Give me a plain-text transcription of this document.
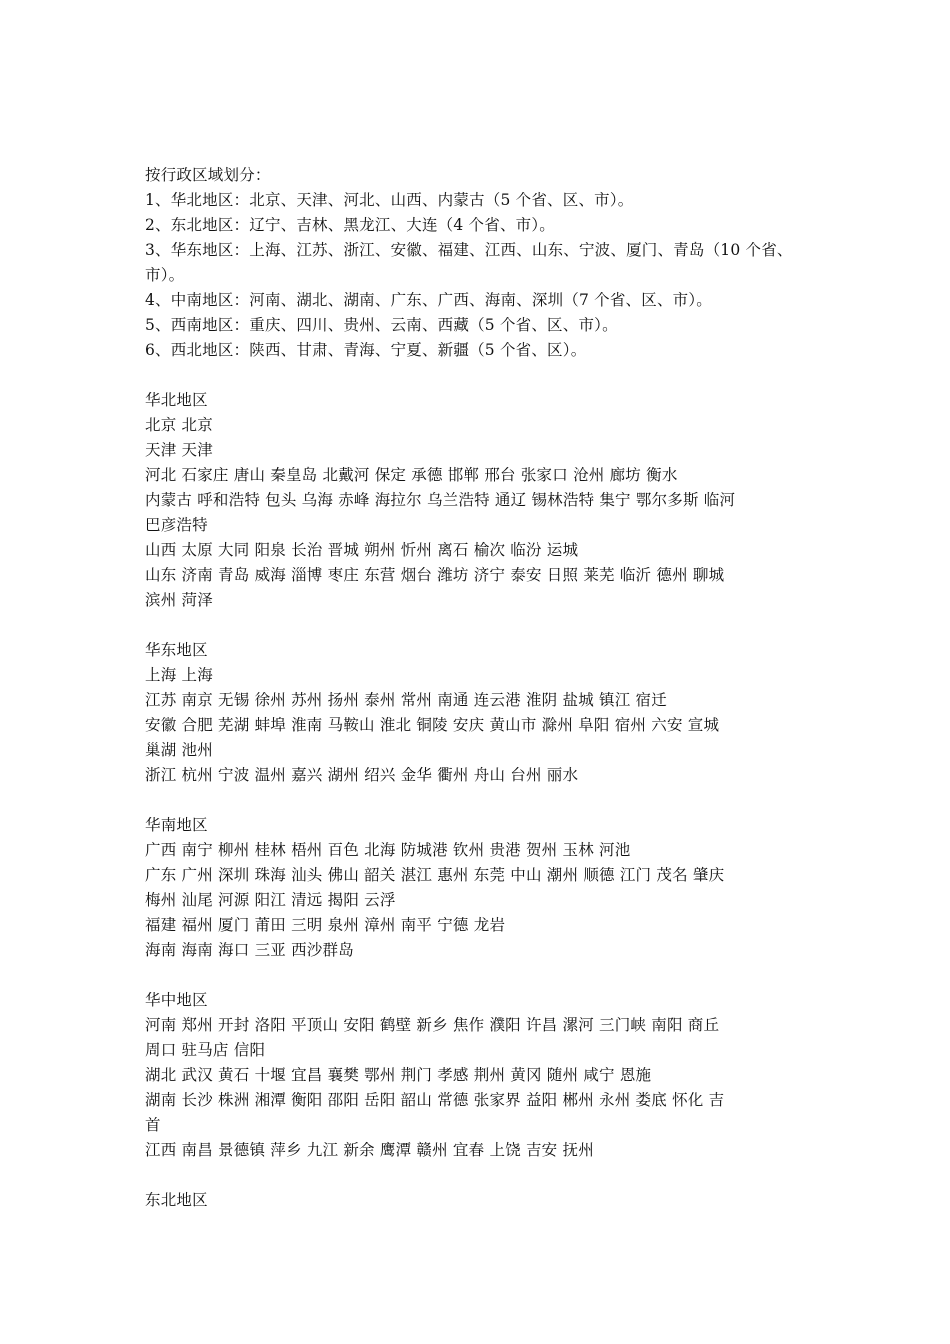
按行政区域划分：
1、华北地区：北京、天津、河北、山西、内蒙古（5 个省、区、市）。
2、东北地区：辽宁、吉林、黑龙江、大连（4 个省、市）。
3、华东地区：上海、江苏、浙江、安徽、福建、江西、山东、宁波、厦门、青岛（10 个省、
市）。
4、中南地区：河南、湖北、湖南、广东、广西、海南、深圳（7 个省、区、市）。
5、西南地区：重庆、四川、贵州、云南、西藏（5 个省、区、市）。
6、西北地区：陕西、甘肃、青海、宁夏、新疆（5 个省、区）。
华北地区
北京 北京
天津 天津
河北 石家庄 唐山 秦皇岛 北戴河 保定 承德 邯郸 邢台 张家口 沧州 廊坊 衡水
内蒙古 呼和浩特 包头 乌海 赤峰 海拉尔 乌兰浩特 通辽 锡林浩特 集宁 鄂尔多斯 临河
巴彦浩特
山西 太原 大同 阳泉 长治 晋城 朔州 忻州 离石 榆次 临汾 运城
山东 济南 青岛 威海 淄博 枣庄 东营 烟台 潍坊 济宁 泰安 日照 莱芜 临沂 德州 聊城
滨州 菏泽
华东地区
上海 上海
江苏 南京 无锡 徐州 苏州 扬州 泰州 常州 南通 连云港 淮阴 盐城 镇江 宿迁
安徽 合肥 芜湖 蚌埠 淮南 马鞍山 淮北 铜陵 安庆 黄山市 滁州 阜阳 宿州 六安 宣城
巢湖 池州
浙江 杭州 宁波 温州 嘉兴 湖州 绍兴 金华 衢州 舟山 台州 丽水
华南地区
广西 南宁 柳州 桂林 梧州 百色 北海 防城港 钦州 贵港 贺州 玉林 河池
广东 广州 深圳 珠海 汕头 佛山 韶关 湛江 惠州 东莞 中山 潮州 顺德 江门 茂名 肇庆
梅州 汕尾 河源 阳江 清远 揭阳 云浮
福建 福州 厦门 莆田 三明 泉州 漳州 南平 宁德 龙岩
海南 海南 海口 三亚 西沙群岛
华中地区
河南 郑州 开封 洛阳 平顶山 安阳 鹤壁 新乡 焦作 濮阳 许昌 漯河 三门峡 南阳 商丘
周口 驻马店 信阳
湖北 武汉 黄石 十堰 宜昌 襄樊 鄂州 荆门 孝感 荆州 黄冈 随州 咸宁 恩施
湖南 长沙 株洲 湘潭 衡阳 邵阳 岳阳 韶山 常德 张家界 益阳 郴州 永州 娄底 怀化 吉
首
江西 南昌 景德镇 萍乡 九江 新余 鹰潭 赣州 宜春 上饶 吉安 抚州
东北地区
